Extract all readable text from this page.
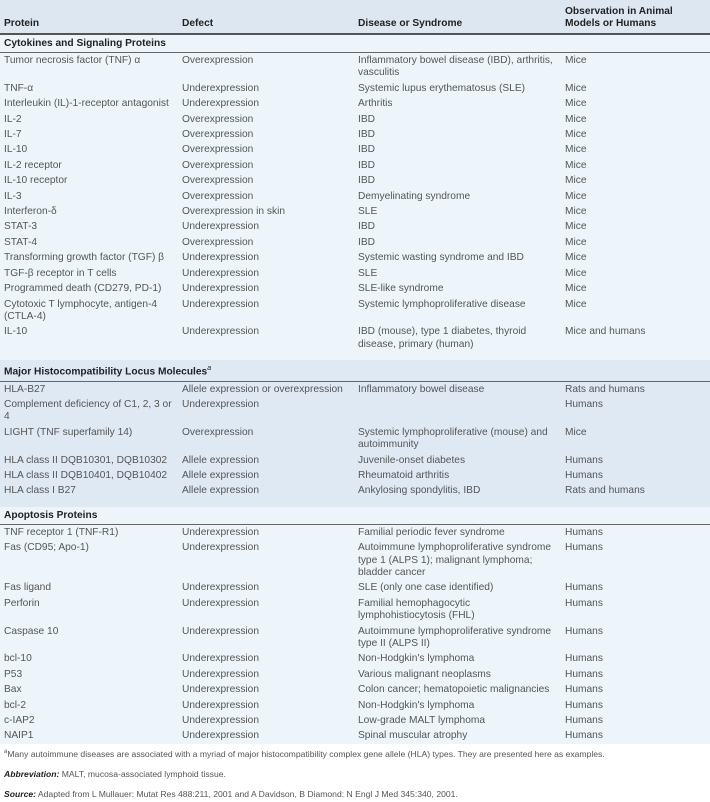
Protein	Defect	Disease or Syndrome	Observation in Animal Models or Humans
Cytokines and Signaling Proteins			
Tumor necrosis factor (TNF) α	Overexpression	Inflammatory bowel disease (IBD), arthritis, vasculitis	Mice
TNF-α	Underexpression	Systemic lupus erythematosus (SLE)	Mice
Interleukin (IL)-1-receptor antagonist	Underexpression	Arthritis	Mice
IL-2	Overexpression	IBD	Mice
IL-7	Overexpression	IBD	Mice
IL-10	Overexpression	IBD	Mice
IL-2 receptor	Overexpression	IBD	Mice
IL-10 receptor	Overexpression	IBD	Mice
IL-3	Overexpression	Demyelinating syndrome	Mice
Interferon-δ	Overexpression in skin	SLE	Mice
STAT-3	Underexpression	IBD	Mice
STAT-4	Overexpression	IBD	Mice
Transforming growth factor (TGF) β	Underexpression	Systemic wasting syndrome and IBD	Mice
TGF-β receptor in T cells	Underexpression	SLE	Mice
Programmed death (CD279, PD-1)	Underexpression	SLE-like syndrome	Mice
Cytotoxic T lymphocyte, antigen-4 (CTLA-4)	Underexpression	Systemic lymphoproliferative disease	Mice
IL-10	Underexpression	IBD (mouse), type 1 diabetes, thyroid disease, primary (human)	Mice and humans

Major Histocompatibility Locus Molecules$^a$
HLA-B27	Allele expression or overexpression	Inflammatory bowel disease	Rats and humans
Complement deficiency of C1, 2, 3 or 4	Underexpression		Humans
LIGHT (TNF superfamily 14)	Overexpression	Systemic lymphoproliferative (mouse) and autoimmunity	Mice
HLA class II DQB10301, DQB10302	Allele expression	Juvenile-onset diabetes	Humans
HLA class II DQB10401, DQB10402	Allele expression	Rheumatoid arthritis	Humans
HLA class I B27	Allele expression	Ankylosing spondylitis, IBD	Rats and humans

Apoptosis Proteins			
TNF receptor 1 (TNF-R1)	Underexpression	Familial periodic fever syndrome	Humans
Fas (CD95; Apo-1)	Underexpression	Autoimmune lymphoproliferative syndrome type 1 (ALPS 1); malignant lymphoma; bladder cancer	Humans
Fas ligand	Underexpression	SLE (only one case identified)	Humans
Perforin	Underexpression	Familial hemophagocytic lymphohistiocytosis (FHL)	Humans
Caspase 10	Underexpression	Autoimmune lymphoproliferative syndrome type II (ALPS II)	Humans
bcl-10	Underexpression	Non-Hodgkin's lymphoma	Humans
P53	Underexpression	Various malignant neoplasms	Humans
Bax	Underexpression	Colon cancer; hematopoietic malignancies	Humans
bcl-2	Underexpression	Non-Hodgkin's lymphoma	Humans
c-IAP2	Underexpression	Low-grade MALT lymphoma	Humans
NAIP1	Underexpression	Spinal muscular atrophy	Humans

$^a$Many autoimmune diseases are associated with a myriad of major histocompatibility complex gene allele (HLA) types. They are presented here as examples.

Abbreviation: MALT, mucosa-associated lymphoid tissue.

Source: Adapted from L Mullauer: Mutat Res 488:211, 2001 and A Davidson, B Diamond: N Engl J Med 345:340, 2001.
